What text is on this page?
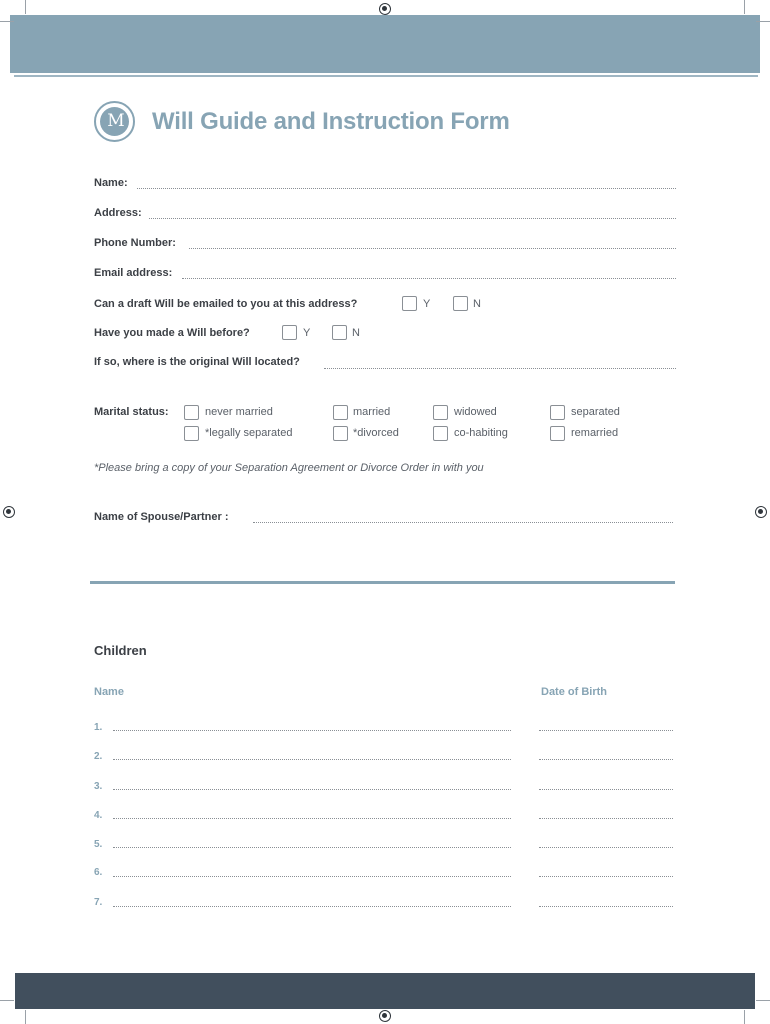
M	Will Guide and Instruction Form
Name:
Address:
Phone Number:
Email address:
Can a draft Will be emailed to you at this address?	Y	N
Have you made a Will before?	Y	N
If so, where is the original Will located?
Marital status:	never married	married	widowed	separated
*legally separated	*divorced	co-habiting	remarried
*Please bring a copy of your Separation Agreement or Divorce Order in with you
Name of Spouse/Partner :
Children
Name	Date of Birth
1.
2.
3.
4.
5.
6.
7.
